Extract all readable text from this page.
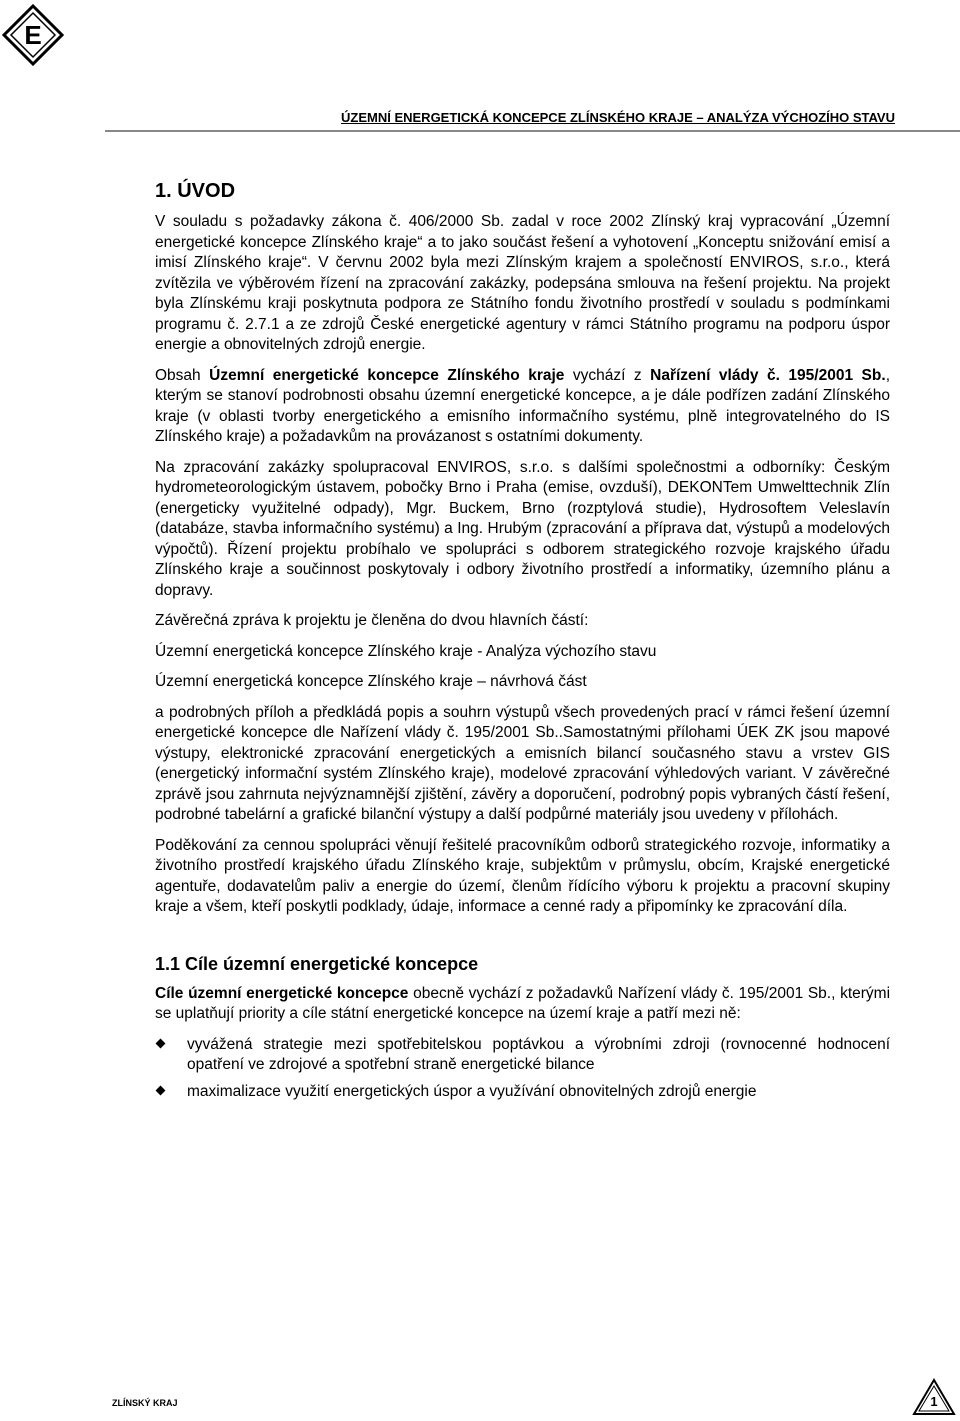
E
ÚZEMNÍ ENERGETICKÁ KONCEPCE ZLÍNSKÉHO KRAJE – ANALÝZA VÝCHOZÍHO STAVU
1. ÚVOD

V souladu s požadavky zákona č. 406/2000 Sb. zadal v roce 2002 Zlínský kraj vypracování „Územní energetické koncepce Zlínského kraje“ a to jako součást řešení a vyhotovení „Konceptu snižování emisí a imisí Zlínského kraje“. V červnu 2002 byla mezi Zlínským krajem a společností ENVIROS, s.r.o., která zvítězila ve výběrovém řízení na zpracování zakázky, podepsána smlouva na řešení projektu. Na projekt byla Zlínskému kraji poskytnuta podpora ze Státního fondu životního prostředí v souladu s podmínkami programu č. 2.7.1 a ze zdrojů České energetické agentury v rámci Státního programu na podporu úspor energie a obnovitelných zdrojů energie.

Obsah Územní energetické koncepce Zlínského kraje vychází z Nařízení vlády č. 195/2001 Sb., kterým se stanoví podrobnosti obsahu územní energetické koncepce, a je dále podřízen zadání Zlínského kraje (v oblasti tvorby energetického a emisního informačního systému, plně integrovatelného do IS Zlínského kraje) a požadavkům na provázanost s ostatními dokumenty.

Na zpracování zakázky spolupracoval ENVIROS, s.r.o. s dalšími společnostmi a odborníky: Českým hydrometeorologickým ústavem, pobočky Brno i Praha (emise, ovzduší), DEKONTem Umwelttechnik Zlín (energeticky využitelné odpady), Mgr. Buckem, Brno (rozptylová studie), Hydrosoftem Veleslavín (databáze, stavba informačního systému) a Ing. Hrubým (zpracování a příprava dat, výstupů a modelových výpočtů). Řízení projektu probíhalo ve spolupráci s odborem strategického rozvoje krajského úřadu Zlínského kraje a součinnost poskytovaly i odbory životního prostředí a informatiky, územního plánu a dopravy.

Závěrečná zpráva k projektu je členěna do dvou hlavních částí:

Územní energetická koncepce Zlínského kraje - Analýza výchozího stavu

Územní energetická koncepce Zlínského kraje – návrhová část

a podrobných příloh a předkládá popis a souhrn výstupů všech provedených prací v rámci řešení územní energetické koncepce dle Nařízení vlády č. 195/2001 Sb..Samostatnými přílohami ÚEK ZK jsou mapové výstupy, elektronické zpracování energetických a emisních bilancí současného stavu a vrstev GIS (energetický informační systém Zlínského kraje), modelové zpracování výhledových variant. V závěrečné zprávě jsou zahrnuta nejvýznamnější zjištění, závěry a doporučení, podrobný popis vybraných částí řešení, podrobné tabelární a grafické bilanční výstupy a další podpůrné materiály jsou uvedeny v přílohách.

Poděkování za cennou spolupráci věnují řešitelé pracovníkům odborů strategického rozvoje, informatiky a životního prostředí krajského úřadu Zlínského kraje, subjektům v průmyslu, obcím, Krajské energetické agentuře, dodavatelům paliv a energie do území, členům řídícího výboru k projektu a pracovní skupiny kraje a všem, kteří poskytli podklady, údaje, informace a cenné rady a připomínky ke zpracování díla.

1.1 Cíle územní energetické koncepce

Cíle územní energetické koncepce obecně vychází z požadavků Nařízení vlády č. 195/2001 Sb., kterými se uplatňují priority a cíle státní energetické koncepce na území kraje a patří mezi ně:

vyvážená strategie mezi spotřebitelskou poptávkou a výrobními zdroji (rovnocenné hodnocení opatření ve zdrojové a spotřební straně energetické bilance
maximalizace využití energetických úspor a využívání obnovitelných zdrojů energie
ZLÍNSKÝ KRAJ	1
